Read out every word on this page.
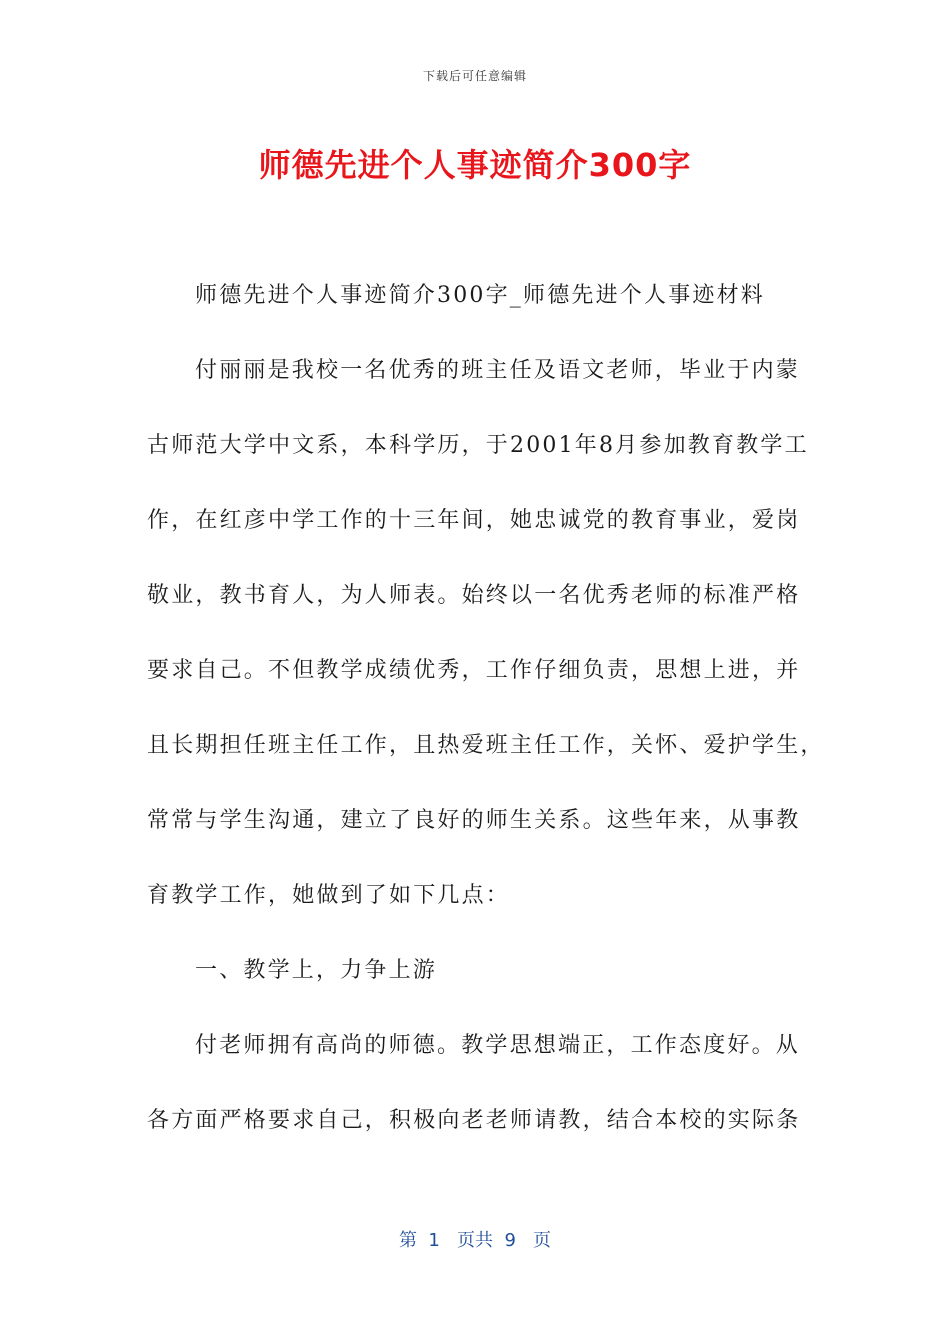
下载后可任意编辑
师德先进个人事迹简介300字
师德先进个人事迹简介300字_师德先进个人事迹材料
付丽丽是我校一名优秀的班主任及语文老师，毕业于内蒙
古师范大学中文系，本科学历，于2001年8月参加教育教学工
作，在红彦中学工作的十三年间，她忠诚党的教育事业，爱岗
敬业，教书育人，为人师表。始终以一名优秀老师的标准严格
要求自己。不但教学成绩优秀，工作仔细负责，思想上进，并
且长期担任班主任工作，且热爱班主任工作，关怀、爱护学生，
常常与学生沟通，建立了良好的师生关系。这些年来，从事教
育教学工作，她做到了如下几点：
一、教学上，力争上游
付老师拥有高尚的师德。教学思想端正，工作态度好。从
各方面严格要求自己，积极向老老师请教，结合本校的实际条
第  1   页共  9   页
